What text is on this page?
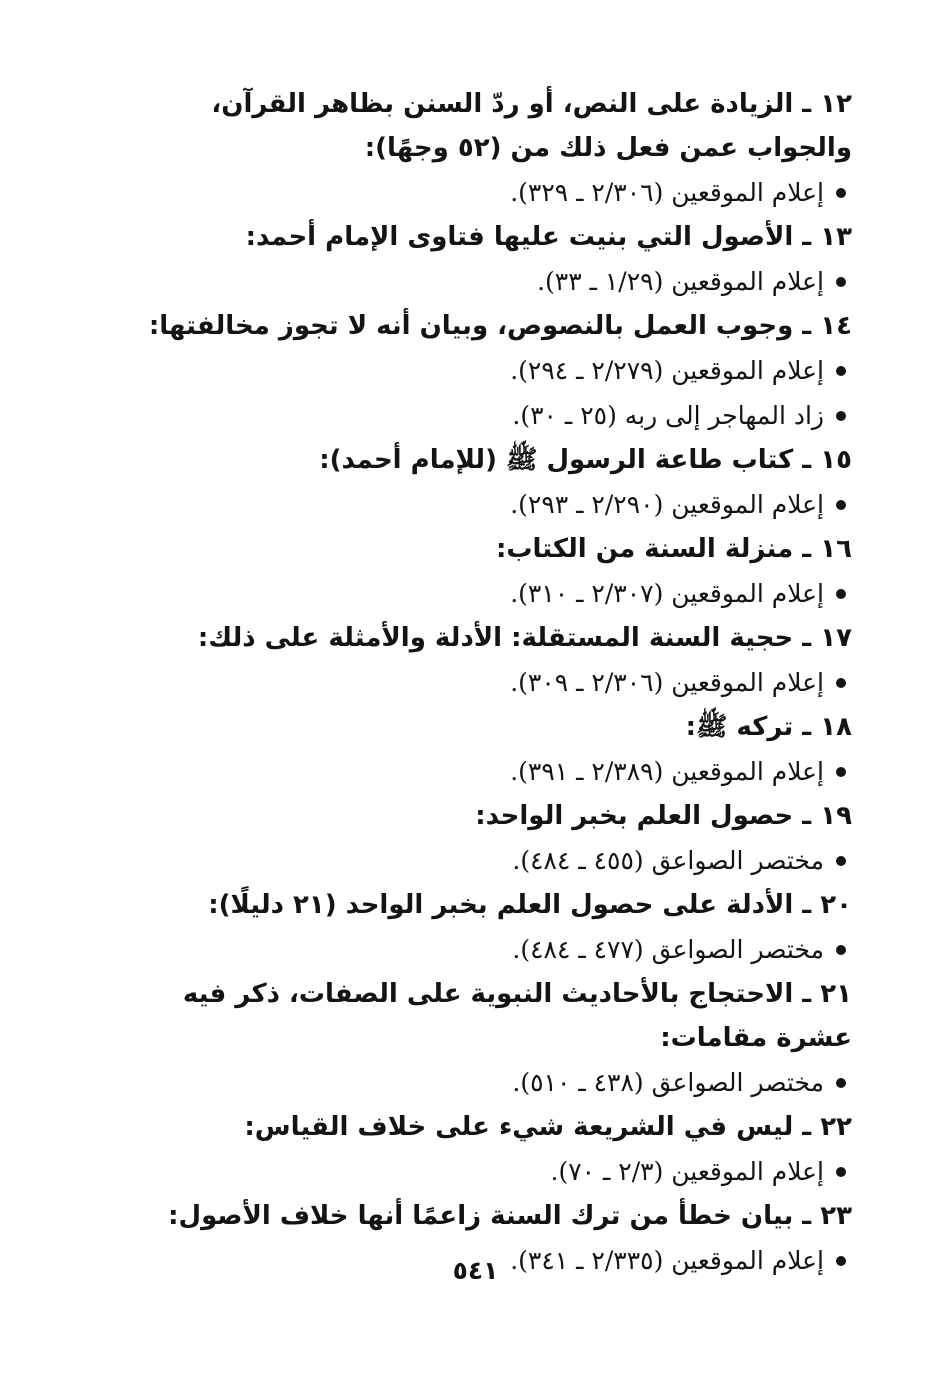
١٢ ـ الزيادة على النص، أو ردّ السنن بظاهر القرآن، والجواب عمن فعل ذلك من (٥٢ وجهًا):

إعلام الموقعين (٢/٣٠٦ ـ ٣٢٩).

١٣ ـ الأصول التي بنيت عليها فتاوى الإمام أحمد:

إعلام الموقعين (١/٢٩ ـ ٣٣).

١٤ ـ وجوب العمل بالنصوص، وبيان أنه لا تجوز مخالفتها:

إعلام الموقعين (٢/٢٧٩ ـ ٢٩٤).

زاد المهاجر إلى ربه (٢٥ ـ ٣٠).

١٥ ـ كتاب طاعة الرسول ﷺ (للإمام أحمد):

إعلام الموقعين (٢/٢٩٠ ـ ٢٩٣).

١٦ ـ منزلة السنة من الكتاب:

إعلام الموقعين (٢/٣٠٧ ـ ٣١٠).

١٧ ـ حجية السنة المستقلة: الأدلة والأمثلة على ذلك:

إعلام الموقعين (٢/٣٠٦ ـ ٣٠٩).

١٨ ـ تركه ﷺ:

إعلام الموقعين (٢/٣٨٩ ـ ٣٩١).

١٩ ـ حصول العلم بخبر الواحد:

مختصر الصواعق (٤٥٥ ـ ٤٨٤).

٢٠ ـ الأدلة على حصول العلم بخبر الواحد (٢١ دليلًا):

مختصر الصواعق (٤٧٧ ـ ٤٨٤).

٢١ ـ الاحتجاج بالأحاديث النبوية على الصفات، ذكر فيه عشرة مقامات:

مختصر الصواعق (٤٣٨ ـ ٥١٠).

٢٢ ـ ليس في الشريعة شيء على خلاف القياس:

إعلام الموقعين (٢/٣ ـ ٧٠).

٢٣ ـ بيان خطأ من ترك السنة زاعمًا أنها خلاف الأصول:

إعلام الموقعين (٢/٣٣٥ ـ ٣٤١).

٥٤١
